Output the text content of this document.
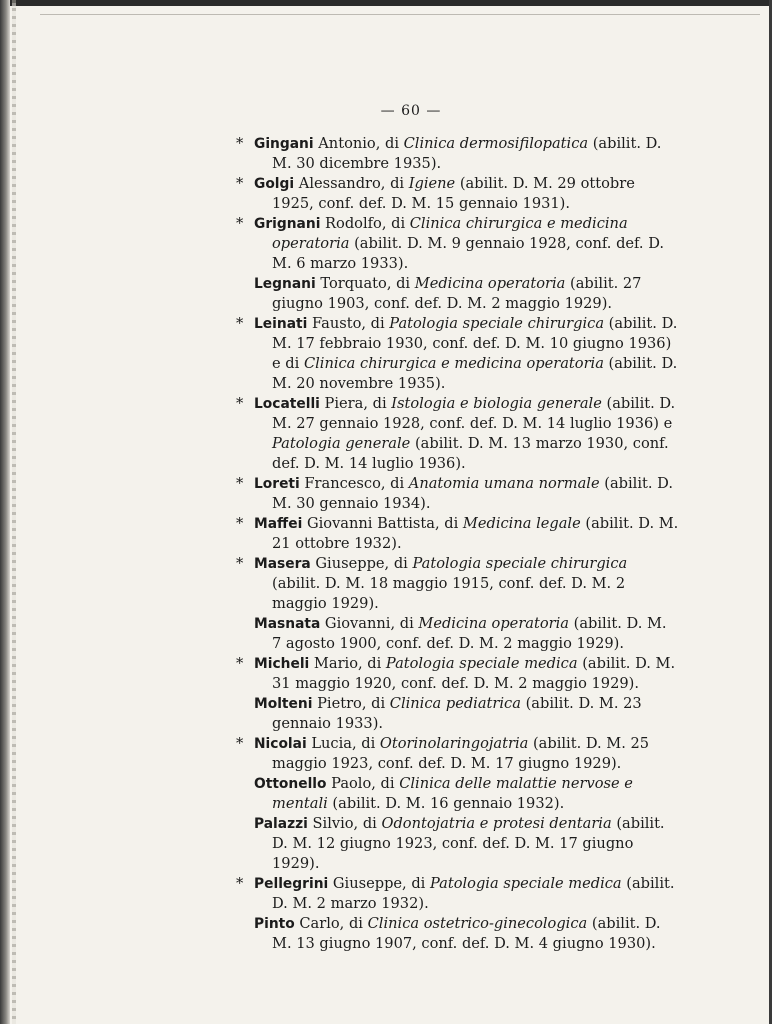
— 60 —

* Gingani Antonio, di Clinica dermosifilopatica (abilit. D. M. 30 dicembre 1935).

* Golgi Alessandro, di Igiene (abilit. D. M. 29 ottobre 1925, conf. def. D. M. 15 gennaio 1931).

* Grignani Rodolfo, di Clinica chirurgica e medicina operatoria (abilit. D. M. 9 gennaio 1928, conf. def. D. M. 6 marzo 1933).

Legnani Torquato, di Medicina operatoria (abilit. 27 giugno 1903, conf. def. D. M. 2 maggio 1929).

* Leinati Fausto, di Patologia speciale chirurgica (abilit. D. M. 17 febbraio 1930, conf. def. D. M. 10 giugno 1936) e di Clinica chirurgica e medicina operatoria (abilit. D. M. 20 novembre 1935).

* Locatelli Piera, di Istologia e biologia generale (abilit. D. M. 27 gennaio 1928, conf. def. D. M. 14 luglio 1936) e Patologia generale (abilit. D. M. 13 marzo 1930, conf. def. D. M. 14 luglio 1936).

* Loreti Francesco, di Anatomia umana normale (abilit. D. M. 30 gennaio 1934).

* Maffei Giovanni Battista, di Medicina legale (abilit. D. M. 21 ottobre 1932).

* Masera Giuseppe, di Patologia speciale chirurgica (abilit. D. M. 18 maggio 1915, conf. def. D. M. 2 maggio 1929).

Masnata Giovanni, di Medicina operatoria (abilit. D. M. 7 agosto 1900, conf. def. D. M. 2 maggio 1929).

* Micheli Mario, di Patologia speciale medica (abilit. D. M. 31 maggio 1920, conf. def. D. M. 2 maggio 1929).

Molteni Pietro, di Clinica pediatrica (abilit. D. M. 23 gennaio 1933).

* Nicolai Lucia, di Otorinolaringojatria (abilit. D. M. 25 maggio 1923, conf. def. D. M. 17 giugno 1929).

Ottonello Paolo, di Clinica delle malattie nervose e mentali (abilit. D. M. 16 gennaio 1932).

Palazzi Silvio, di Odontojatria e protesi dentaria (abilit. D. M. 12 giugno 1923, conf. def. D. M. 17 giugno 1929).

* Pellegrini Giuseppe, di Patologia speciale medica (abilit. D. M. 2 marzo 1932).

Pinto Carlo, di Clinica ostetrico-ginecologica (abilit. D. M. 13 giugno 1907, conf. def. D. M. 4 giugno 1930).
